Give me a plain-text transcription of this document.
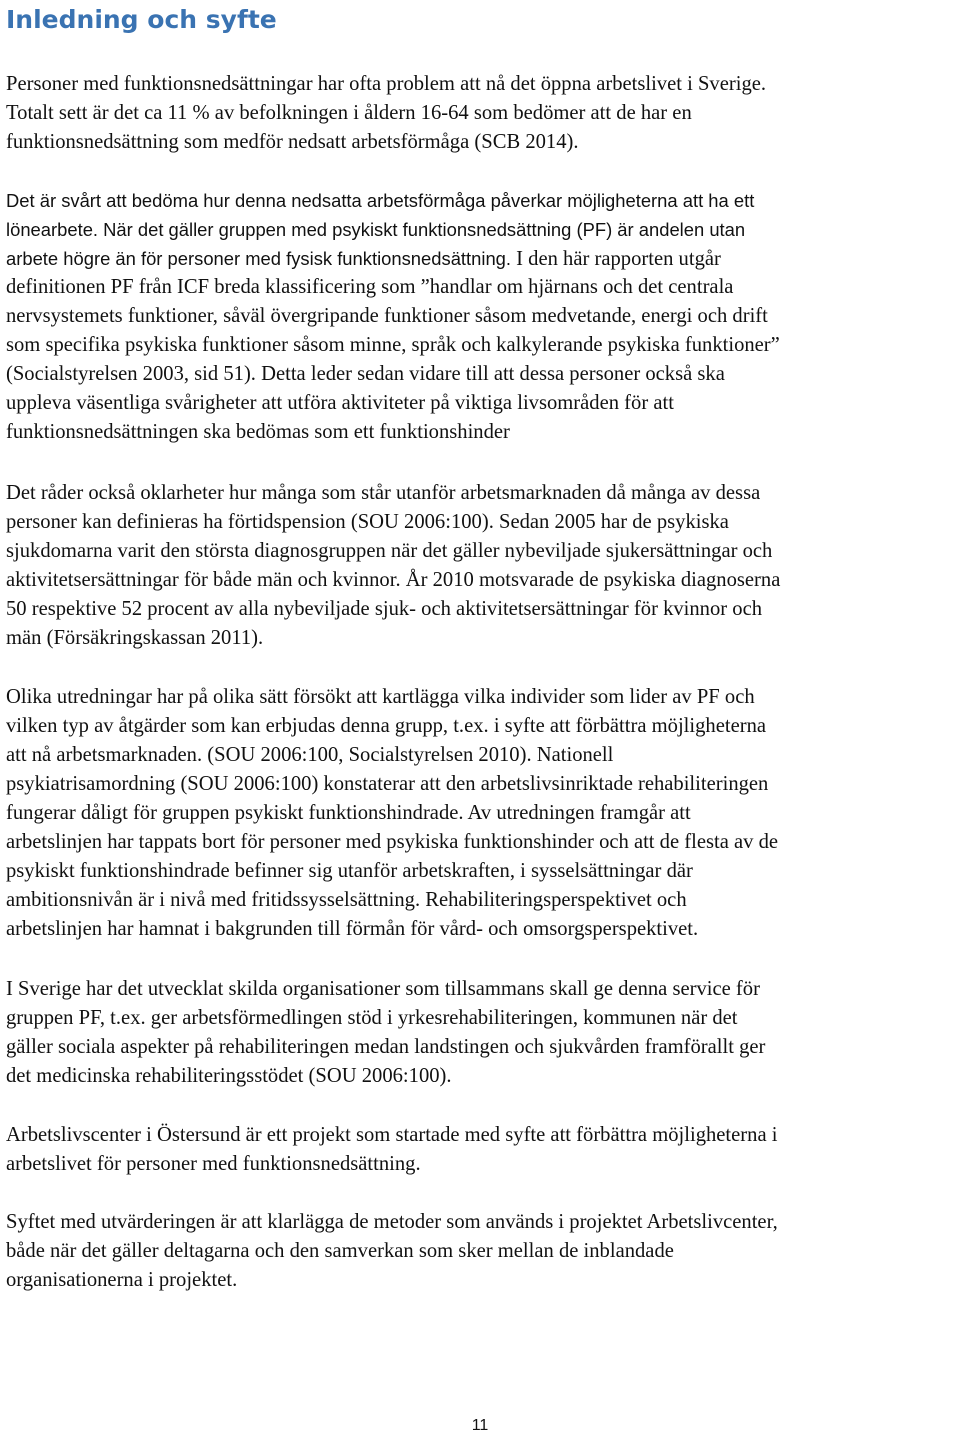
Inledning och syfte

Personer med funktionsnedsättningar har ofta problem att nå det öppna arbetslivet i Sverige.
Totalt sett är det ca 11 % av befolkningen i åldern 16-64 som bedömer att de har en
funktionsnedsättning som medför nedsatt arbetsförmåga (SCB 2014).

Det är svårt att bedöma hur denna nedsatta arbetsförmåga påverkar möjligheterna att ha ett
lönearbete. När det gäller gruppen med psykiskt funktionsnedsättning (PF) är andelen utan
arbete högre än för personer med fysisk funktionsnedsättning. I den här rapporten utgår
definitionen PF från ICF breda klassificering som ”handlar om hjärnans och det centrala
nervsystemets funktioner, såväl övergripande funktioner såsom medvetande, energi och drift
som specifika psykiska funktioner såsom minne, språk och kalkylerande psykiska funktioner”
(Socialstyrelsen 2003, sid 51). Detta leder sedan vidare till att dessa personer också ska
uppleva väsentliga svårigheter att utföra aktiviteter på viktiga livsområden för att
funktionsnedsättningen ska bedömas som ett funktionshinder

Det råder också oklarheter hur många som står utanför arbetsmarknaden då många av dessa
personer kan definieras ha förtidspension (SOU 2006:100). Sedan 2005 har de psykiska
sjukdomarna varit den största diagnosgruppen när det gäller nybeviljade sjukersättningar och
aktivitetsersättningar för både män och kvinnor. År 2010 motsvarade de psykiska diagnoserna
50 respektive 52 procent av alla nybeviljade sjuk- och aktivitetsersättningar för kvinnor och
män (Försäkringskassan 2011).

Olika utredningar har på olika sätt försökt att kartlägga vilka individer som lider av PF och
vilken typ av åtgärder som kan erbjudas denna grupp, t.ex. i syfte att förbättra möjligheterna
att nå arbetsmarknaden. (SOU 2006:100, Socialstyrelsen 2010). Nationell
psykiatrisamordning (SOU 2006:100) konstaterar att den arbetslivsinriktade rehabiliteringen
fungerar dåligt för gruppen psykiskt funktionshindrade. Av utredningen framgår att
arbetslinjen har tappats bort för personer med psykiska funktionshinder och att de flesta av de
psykiskt funktionshindrade befinner sig utanför arbetskraften, i sysselsättningar där
ambitionsnivån är i nivå med fritidssysselsättning. Rehabiliteringsperspektivet och
arbetslinjen har hamnat i bakgrunden till förmån för vård- och omsorgsperspektivet.

I Sverige har det utvecklat skilda organisationer som tillsammans skall ge denna service för
gruppen PF, t.ex. ger arbetsförmedlingen stöd i yrkesrehabiliteringen, kommunen när det
gäller sociala aspekter på rehabiliteringen medan landstingen och sjukvården framförallt ger
det medicinska rehabiliteringsstödet (SOU 2006:100).

Arbetslivscenter i Östersund är ett projekt som startade med syfte att förbättra möjligheterna i
arbetslivet för personer med funktionsnedsättning.

Syftet med utvärderingen är att klarlägga de metoder som används i projektet Arbetslivcenter,
både när det gäller deltagarna och den samverkan som sker mellan de inblandade
organisationerna i projektet.

11
